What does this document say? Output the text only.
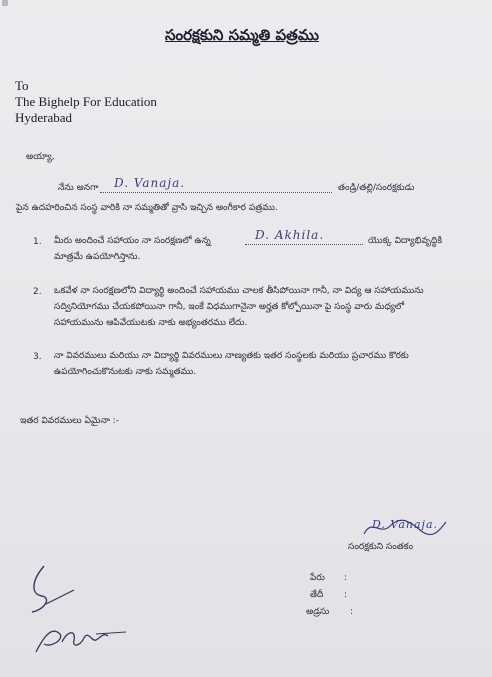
సంరక్షకుని సమ్మతి పత్రము
To
The Bighelp For Education
Hyderabad
అయ్యా,
నేను అనగా D. Vanaja.	తండ్రి/తల్లి/సంరక్షకుడు
పైన ఉదహరించిన సంస్థ వారికి నా సమ్మతితో వ్రాసి ఇచ్చిన అంగీకార పత్రము.
1. మీరు అందించే సహాయం నా సంరక్షణలో ఉన్న	D. Akhila.	యొక్క విద్యాభివృద్ధికి
మాత్రమే ఉపయోగిస్తాను.
2. ఒకవేళ నా సంరక్షణలోని విద్యార్థి అందించే సహాయము చాలక తీసిపోయినా గానీ, నా విద్య ఆ సహాయమును
సద్వినియోగము చేయకపోయినా గానీ, ఇంకే విధముగానైనా అర్హత కోల్పోయినా పై సంస్థ వారు మధ్యలో
సహాయమును ఆపివేయుటకు నాకు అభ్యంతరము లేదు.
3. నా వివరములు మరియు నా విద్యార్థి వివరములు నాణ్యతకు ఇతర సంస్థలకు మరియు ప్రచారము కొరకు
ఉపయోగించుకొనుటకు నాకు సమ్మతము.
ఇతర వివరములు ఏమైనా :-
D. Vanaja.
సంరక్షకుని సంతకం
పేరు :
తేదీ :
అడ్రసు :
